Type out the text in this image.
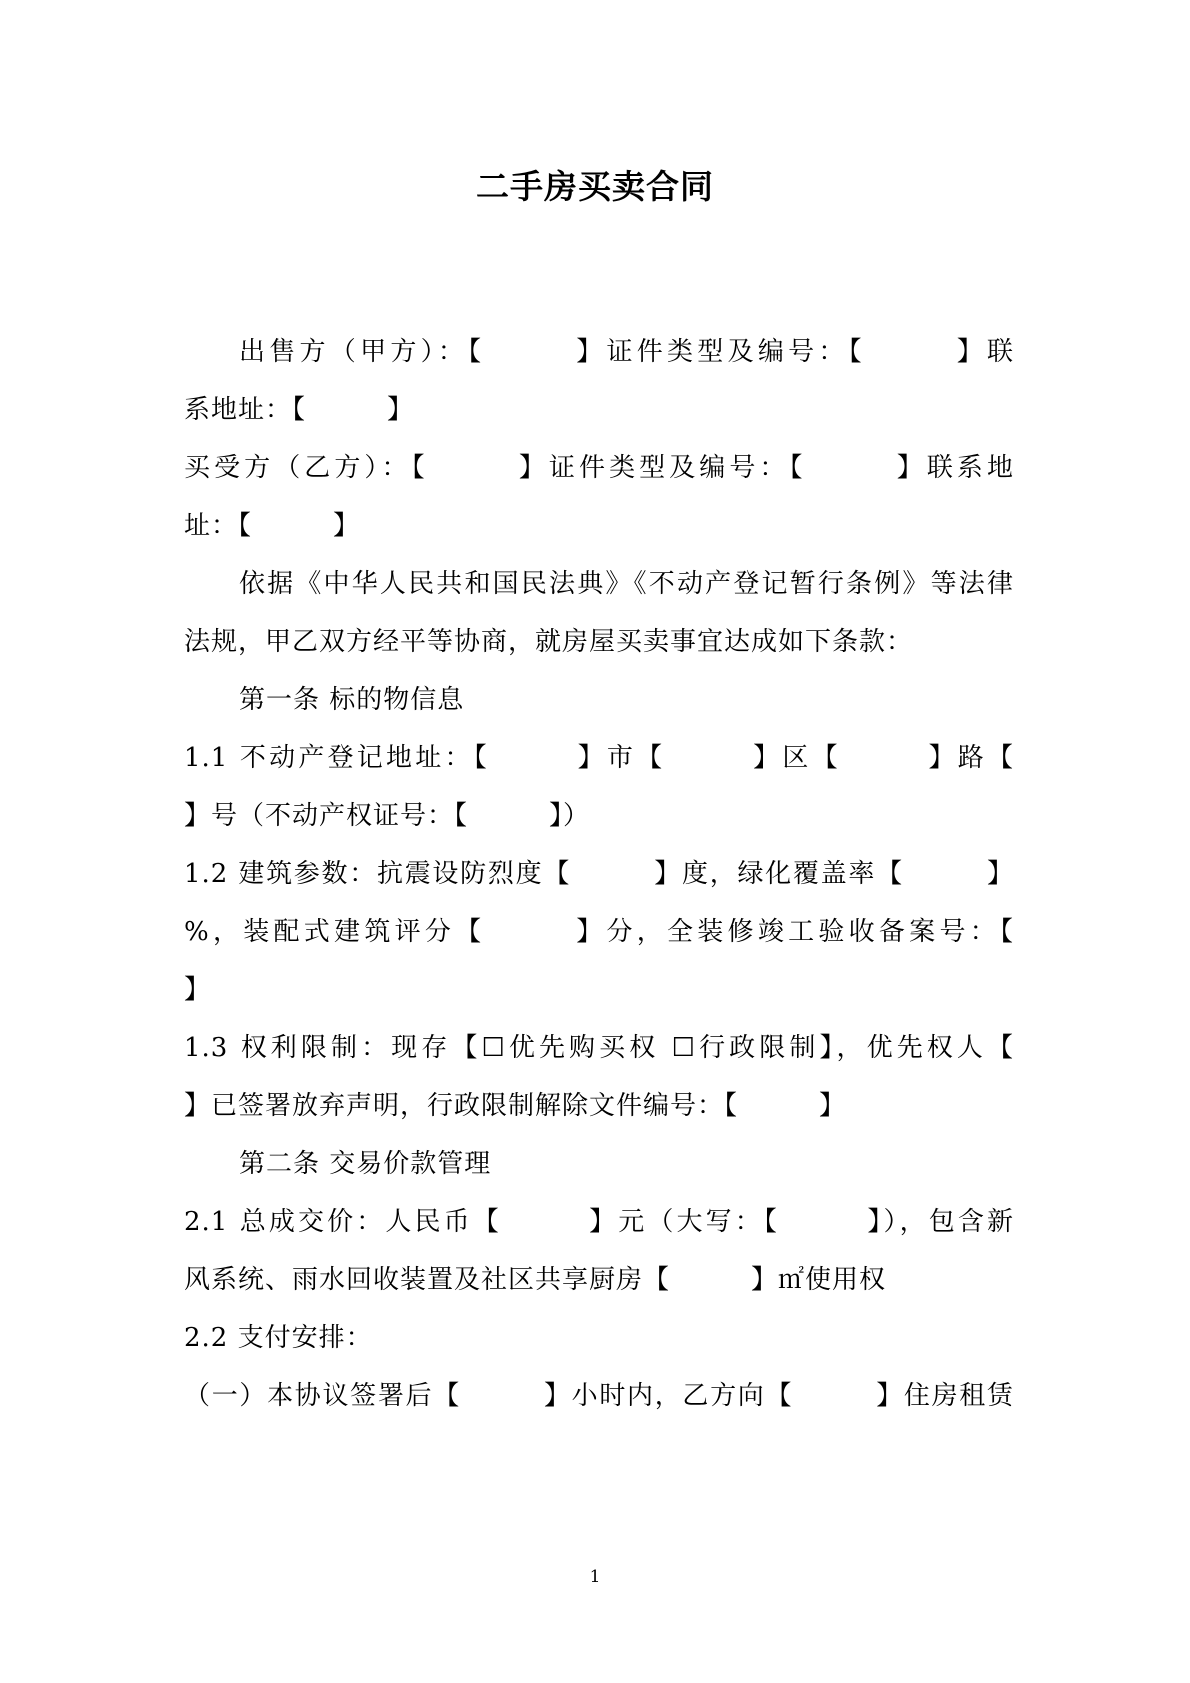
二手房买卖合同
出售方（甲方）：【　　　】证件类型及编号：【　　　】联
系地址：【　　　】
买受方（乙方）：【　　　】证件类型及编号：【　　　】联系地
址：【　　　】
依据《中华人民共和国民法典》《不动产登记暂行条例》等法律
法规，甲乙双方经平等协商，就房屋买卖事宜达成如下条款：
第一条 标的物信息
1.1 不动产登记地址：【　　　】市【　　　】区【　　　】路【
】号（不动产权证号：【　　　】）
1.2 建筑参数：抗震设防烈度【　　　】度，绿化覆盖率【　　　】
%，装配式建筑评分【　　　】分，全装修竣工验收备案号：【
】
1.3 权利限制：现存【☐优先购买权 ☐行政限制】，优先权人【
】已签署放弃声明，行政限制解除文件编号：【　　　】
第二条 交易价款管理
2.1 总成交价：人民币【　　　】元（大写：【　　　】），包含新
风系统、雨水回收装置及社区共享厨房【　　　】㎡使用权
2.2 支付安排：
（一）本协议签署后【　　　】小时内，乙方向【　　　】住房租赁
1
